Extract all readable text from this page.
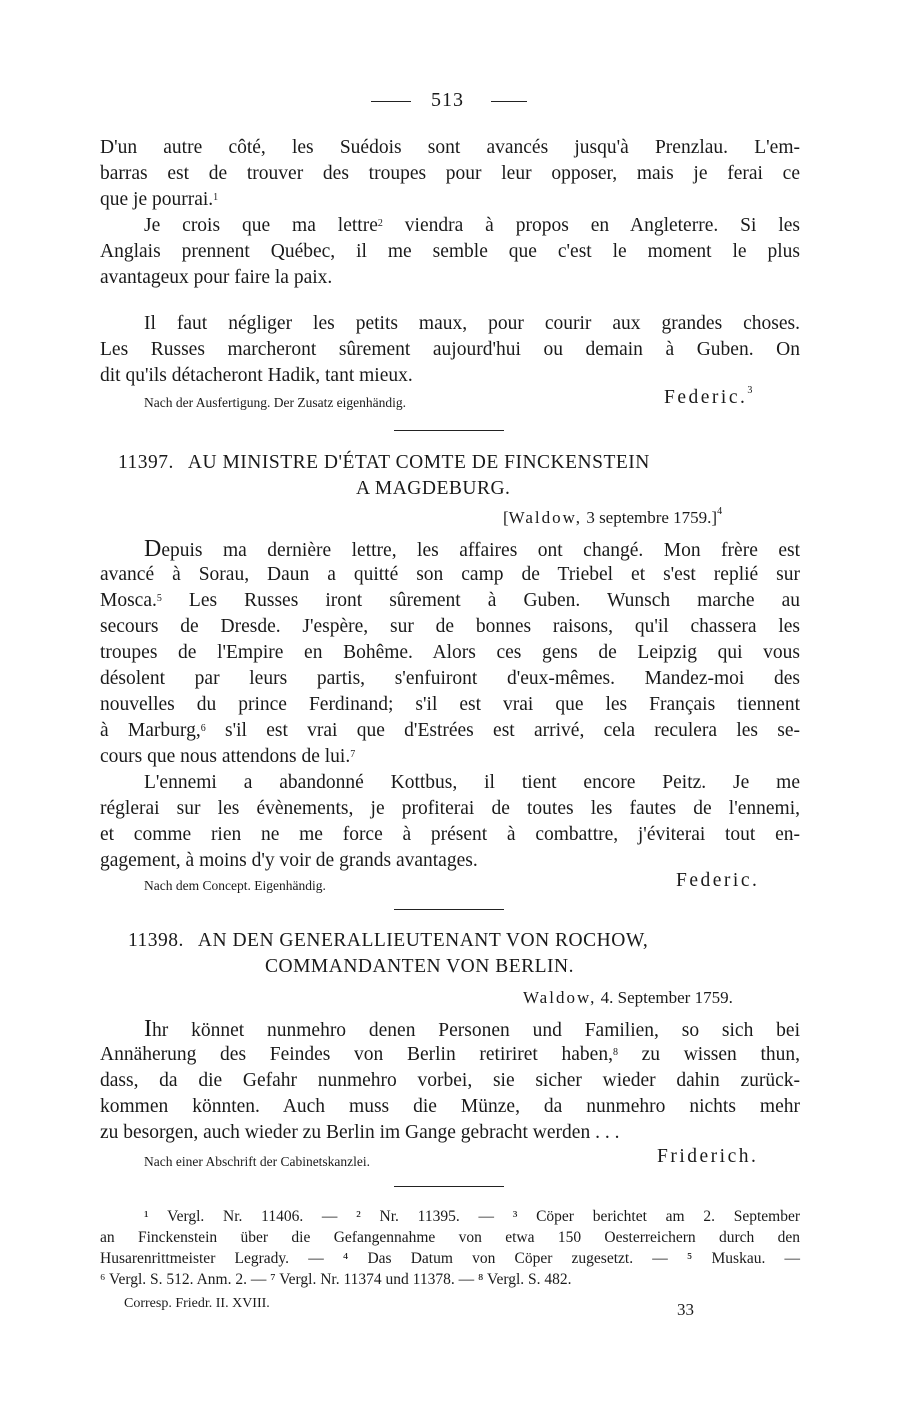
513
D'un autre côté, les Suédois sont avancés jusqu'à Prenzlau. L'em-
barras est de trouver des troupes pour leur opposer, mais je ferai ce
que je pourrai.$^1$
Je crois que ma lettre$^2$ viendra à propos en Angleterre. Si les
Anglais prennent Québec, il me semble que c'est le moment le plus
avantageux pour faire la paix.
Il faut négliger les petits maux, pour courir aux grandes choses.
Les Russes marcheront sûrement aujourd'hui ou demain à Guben. On
dit qu'ils détacheront Hadik, tant mieux.
Nach der Ausfertigung. Der Zusatz eigenhändig.	Federic.$^3$
11397. AU MINISTRE D'ÉTAT COMTE DE FINCKENSTEIN
A MAGDEBURG.
[Waldow, 3 septembre 1759.]$^4$
Depuis ma dernière lettre, les affaires ont changé. Mon frère est
avancé à Sorau, Daun a quitté son camp de Triebel et s'est replié sur
Mosca.$^5$ Les Russes iront sûrement à Guben. Wunsch marche au
secours de Dresde. J'espère, sur de bonnes raisons, qu'il chassera les
troupes de l'Empire en Bohême. Alors ces gens de Leipzig qui vous
désolent par leurs partis, s'enfuiront d'eux-mêmes. Mandez-moi des
nouvelles du prince Ferdinand; s'il est vrai que les Français tiennent
à Marburg,$^6$ s'il est vrai que d'Estrées est arrivé, cela reculera les se-
cours que nous attendons de lui.$^7$
L'ennemi a abandonné Kottbus, il tient encore Peitz. Je me
réglerai sur les évènements, je profiterai de toutes les fautes de l'ennemi,
et comme rien ne me force à présent à combattre, j'éviterai tout en-
gagement, à moins d'y voir de grands avantages.
Nach dem Concept. Eigenhändig.	Federic.
11398. AN DEN GENERALLIEUTENANT VON ROCHOW,
COMMANDANTEN VON BERLIN.
Waldow, 4. September 1759.
Ihr könnet nunmehro denen Personen und Familien, so sich bei
Annäherung des Feindes von Berlin retiriret haben,$^8$ zu wissen thun,
dass, da die Gefahr nunmehro vorbei, sie sicher wieder dahin zurück-
kommen könnten. Auch muss die Münze, da nunmehro nichts mehr
zu besorgen, auch wieder zu Berlin im Gange gebracht werden . . .
Nach einer Abschrift der Cabinetskanzlei.	Friderich.
¹ Vergl. Nr. 11406. — ² Nr. 11395. — ³ Cöper berichtet am 2. September
an Finckenstein über die Gefangennahme von etwa 150 Oesterreichern durch den
Husarenrittmeister Legrady. — ⁴ Das Datum von Cöper zugesetzt. — ⁵ Muskau. —
⁶ Vergl. S. 512. Anm. 2. — ⁷ Vergl. Nr. 11374 und 11378. — ⁸ Vergl. S. 482.
Corresp. Friedr. II. XVIII.	33
